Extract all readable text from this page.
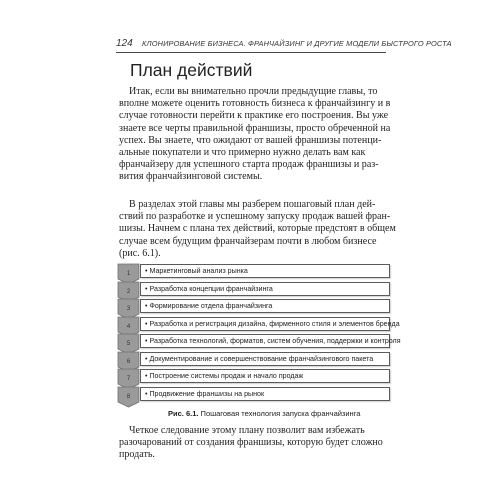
124 КЛОНИРОВАНИЕ БИЗНЕСА. ФРАНЧАЙЗИНГ И ДРУГИЕ МОДЕЛИ БЫСТРОГО РОСТА
План действий
Итак, если вы внимательно прочли предыдущие главы, то
вполне можете оценить готовность бизнеса к франчайзингу и в
случае готовности перейти к практике его построения. Вы уже
знаете все черты правильной франшизы, просто обреченной на
успех. Вы знаете, что ожидают от вашей франшизы потенци-
альные покупатели и что примерно нужно делать вам как
франчайзеру для успешного старта продаж франшизы и раз-
вития франчайзинговой системы.
В разделах этой главы мы разберем пошаговый план дей-
ствий по разработке и успешному запуску продаж вашей фран-
шизы. Начнем с плана тех действий, которые предстоят в общем
случае всем будущим франчайзерам почти в любом бизнесе
(рис. 6.1).
1	• Маркетинговый анализ рынка
2	• Разработка концепции франчайзинга
3	• Формирование отдела франчайзинга
4	• Разработка и регистрация дизайна, фирменного стиля и элементов бренда
5	• Разработка технологий, форматов, систем обучения, поддержки и контроля
6	• Документирование и совершенствование франчайзингового пакета
7	• Построение системы продаж и начало продаж
8	• Продвижение франшизы на рынок
Рис. 6.1. Пошаговая технология запуска франчайзинга
Четкое следование этому плану позволит вам избежать
разочарований от создания франшизы, которую будет сложно
продать.
